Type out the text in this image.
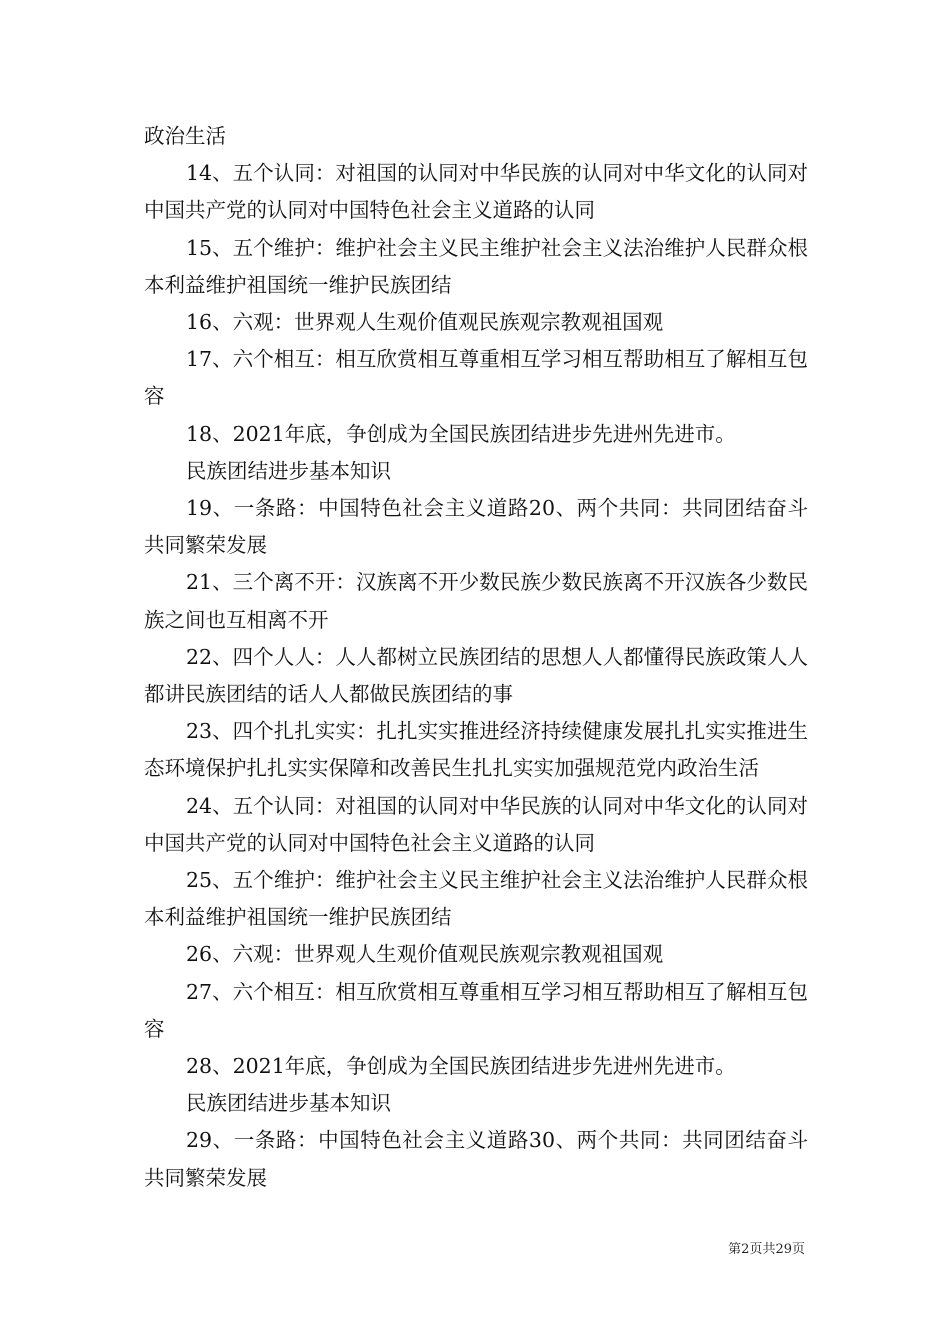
政治生活

14、五个认同：对祖国的认同对中华民族的认同对中华文化的认同对中国共产党的认同对中国特色社会主义道路的认同

15、五个维护：维护社会主义民主维护社会主义法治维护人民群众根本利益维护祖国统一维护民族团结

16、六观：世界观人生观价值观民族观宗教观祖国观

17、六个相互：相互欣赏相互尊重相互学习相互帮助相互了解相互包容

18、2021年底，争创成为全国民族团结进步先进州先进市。

民族团结进步基本知识

19、一条路：中国特色社会主义道路20、两个共同：共同团结奋斗共同繁荣发展

21、三个离不开：汉族离不开少数民族少数民族离不开汉族各少数民族之间也互相离不开

22、四个人人：人人都树立民族团结的思想人人都懂得民族政策人人都讲民族团结的话人人都做民族团结的事

23、四个扎扎实实：扎扎实实推进经济持续健康发展扎扎实实推进生态环境保护扎扎实实保障和改善民生扎扎实实加强规范党内政治生活

24、五个认同：对祖国的认同对中华民族的认同对中华文化的认同对中国共产党的认同对中国特色社会主义道路的认同

25、五个维护：维护社会主义民主维护社会主义法治维护人民群众根本利益维护祖国统一维护民族团结

26、六观：世界观人生观价值观民族观宗教观祖国观

27、六个相互：相互欣赏相互尊重相互学习相互帮助相互了解相互包容

28、2021年底，争创成为全国民族团结进步先进州先进市。

民族团结进步基本知识

29、一条路：中国特色社会主义道路30、两个共同：共同团结奋斗共同繁荣发展

第2页共29页
